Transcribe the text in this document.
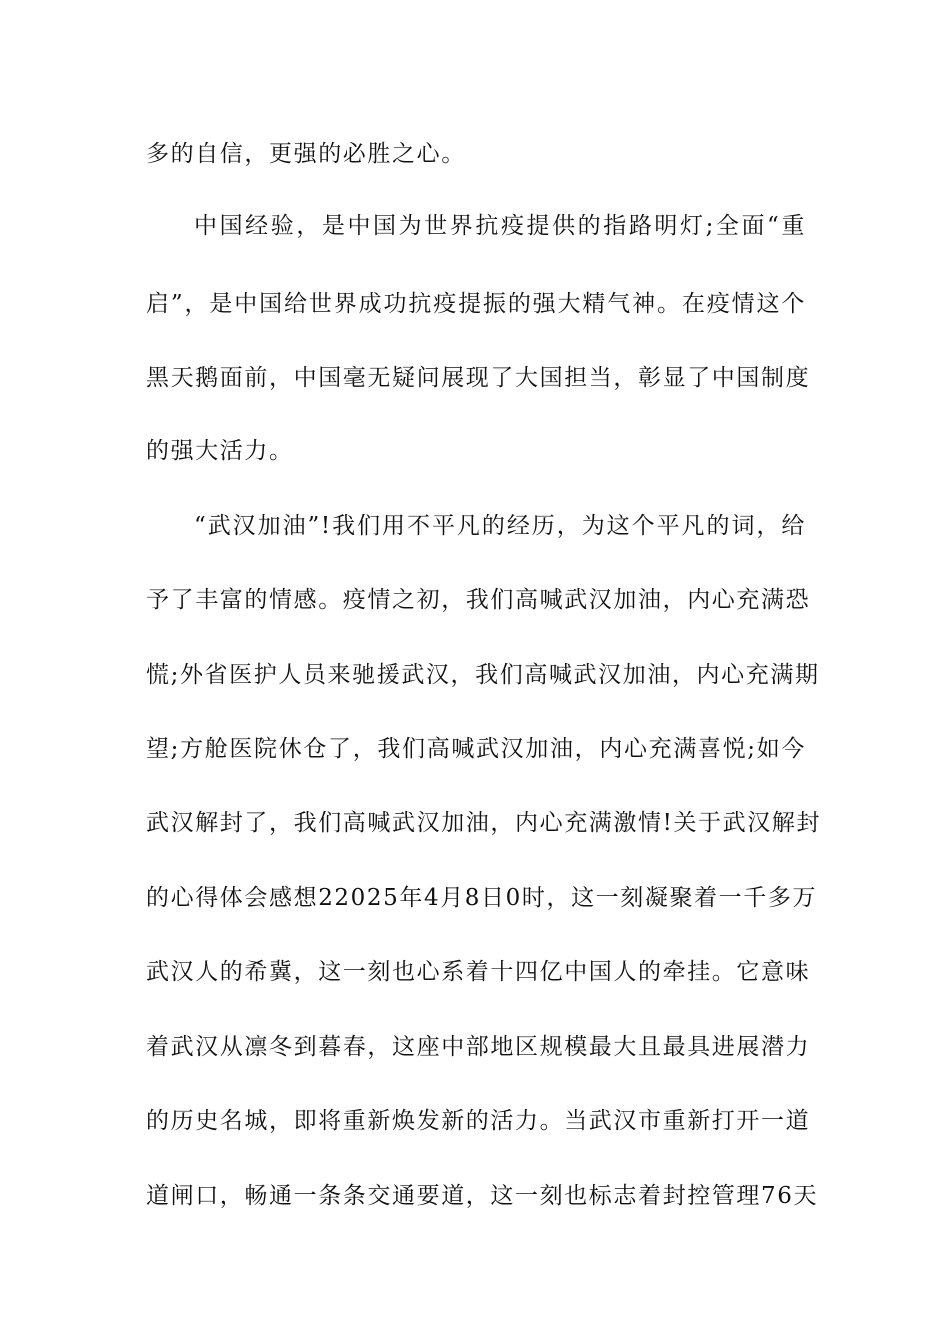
多的自信，更强的必胜之心。
中国经验，是中国为世界抗疫提供的指路明灯;全面“重
启”，是中国给世界成功抗疫提振的强大精气神。在疫情这个
黑天鹅面前，中国毫无疑问展现了大国担当，彰显了中国制度
的强大活力。
“武汉加油”!我们用不平凡的经历，为这个平凡的词，给
予了丰富的情感。疫情之初，我们高喊武汉加油，内心充满恐
慌;外省医护人员来驰援武汉，我们高喊武汉加油，内心充满期
望;方舱医院休仓了，我们高喊武汉加油，内心充满喜悦;如今
武汉解封了，我们高喊武汉加油，内心充满激情!关于武汉解封
的心得体会感想22025年4月8日0时，这一刻凝聚着一千多万
武汉人的希冀，这一刻也心系着十四亿中国人的牵挂。它意味
着武汉从凛冬到暮春，这座中部地区规模最大且最具进展潜力
的历史名城，即将重新焕发新的活力。当武汉市重新打开一道
道闸口，畅通一条条交通要道，这一刻也标志着封控管理76天
